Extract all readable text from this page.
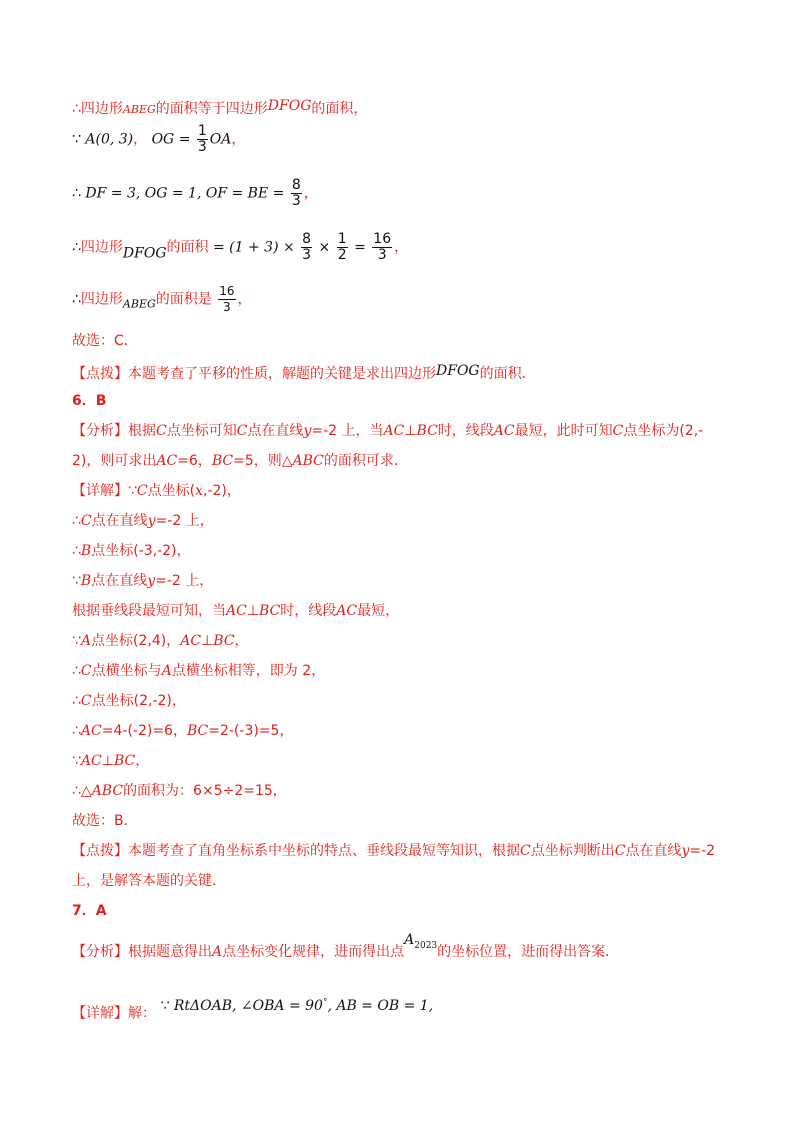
∴四边形ABEG的面积等于四边形DFOG的面积，
∵ A(0, 3)， OG = $\frac{1}{3}$ OA，
∴ DF = 3, OG = 1, OF = BE = $\frac{8}{3}$ ，
∴四边形DFOG的面积 = $(1 + 3) \times \frac{8}{3} \times \frac{1}{2} = \frac{16}{3}$ ，
∴四边形$_{ABEG}$的面积是 $\frac{16}{3}$ ，
故选：C．
【点拨】本题考查了平移的性质，解题的关键是求出四边形DFOG的面积．
6．B
【分析】根据C点坐标可知C点在直线y=-2 上，当AC⊥BC时，线段AC最短，此时可知C点坐标为(2,-
2)，则可求出AC=6，BC=5，则△ABC的面积可求．
【详解】∵C点坐标(x,-2)，
∴C点在直线y=-2 上，
∴B点坐标(-3,-2)，
∵B点在直线y=-2 上，
根据垂线段最短可知，当AC⊥BC时，线段AC最短，
∵A点坐标(2,4)，AC⊥BC，
∴C点横坐标与A点横坐标相等，即为 2，
∴C点坐标(2,-2)，
∴AC=4-(-2)=6，BC=2-(-3)=5，
∵AC⊥BC，
∴△ABC的面积为：6×5÷2=15，
故选：B．
【点拨】本题考查了直角坐标系中坐标的特点、垂线段最短等知识，根据C点坐标判断出C点在直线y=-2
上，是解答本题的关键．
7．A
【分析】根据题意得出A点坐标变化规律，进而得出点$A_{2023}$的坐标位置，进而得出答案．
【详解】解： ∵ RtΔOAB, ∠OBA = 90°, AB = OB = 1,
